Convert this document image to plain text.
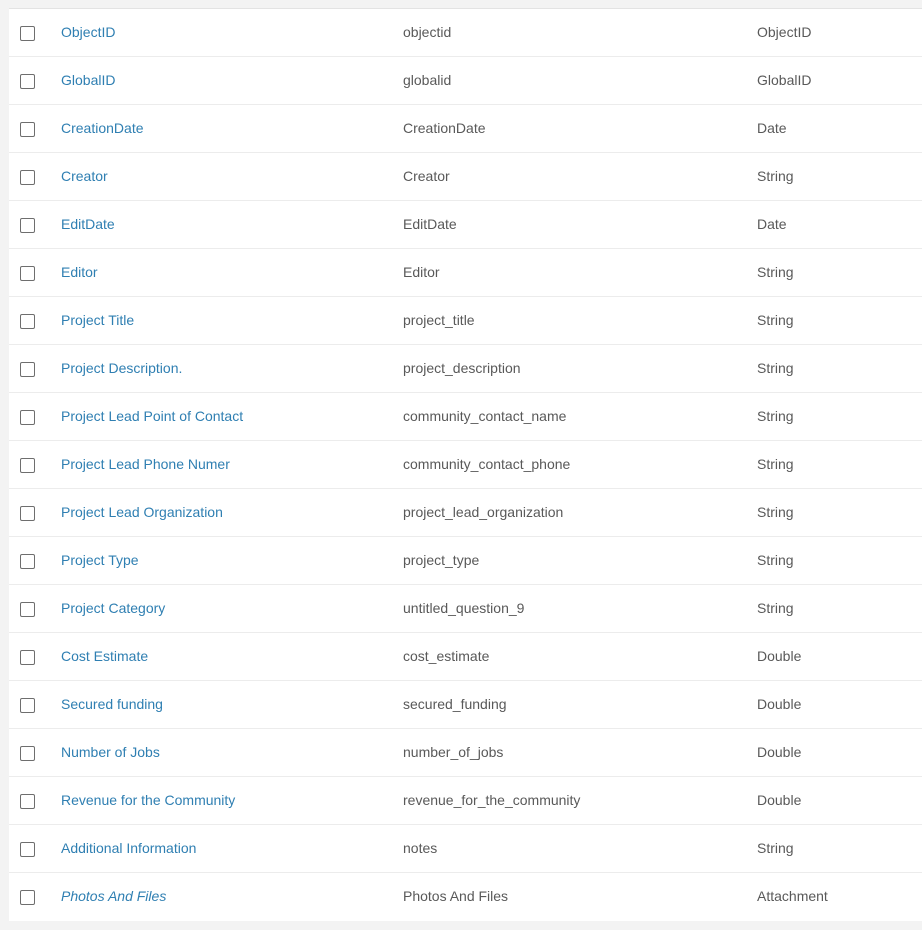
ObjectID	objectid	ObjectID
GlobalID	globalid	GlobalID
CreationDate	CreationDate	Date
Creator	Creator	String
EditDate	EditDate	Date
Editor	Editor	String
Project Title	project_title	String
Project Description.	project_description	String
Project Lead Point of Contact	community_contact_name	String
Project Lead Phone Numer	community_contact_phone	String
Project Lead Organization	project_lead_organization	String
Project Type	project_type	String
Project Category	untitled_question_9	String
Cost Estimate	cost_estimate	Double
Secured funding	secured_funding	Double
Number of Jobs	number_of_jobs	Double
Revenue for the Community	revenue_for_the_community	Double
Additional Information	notes	String
Photos And Files	Photos And Files	Attachment
